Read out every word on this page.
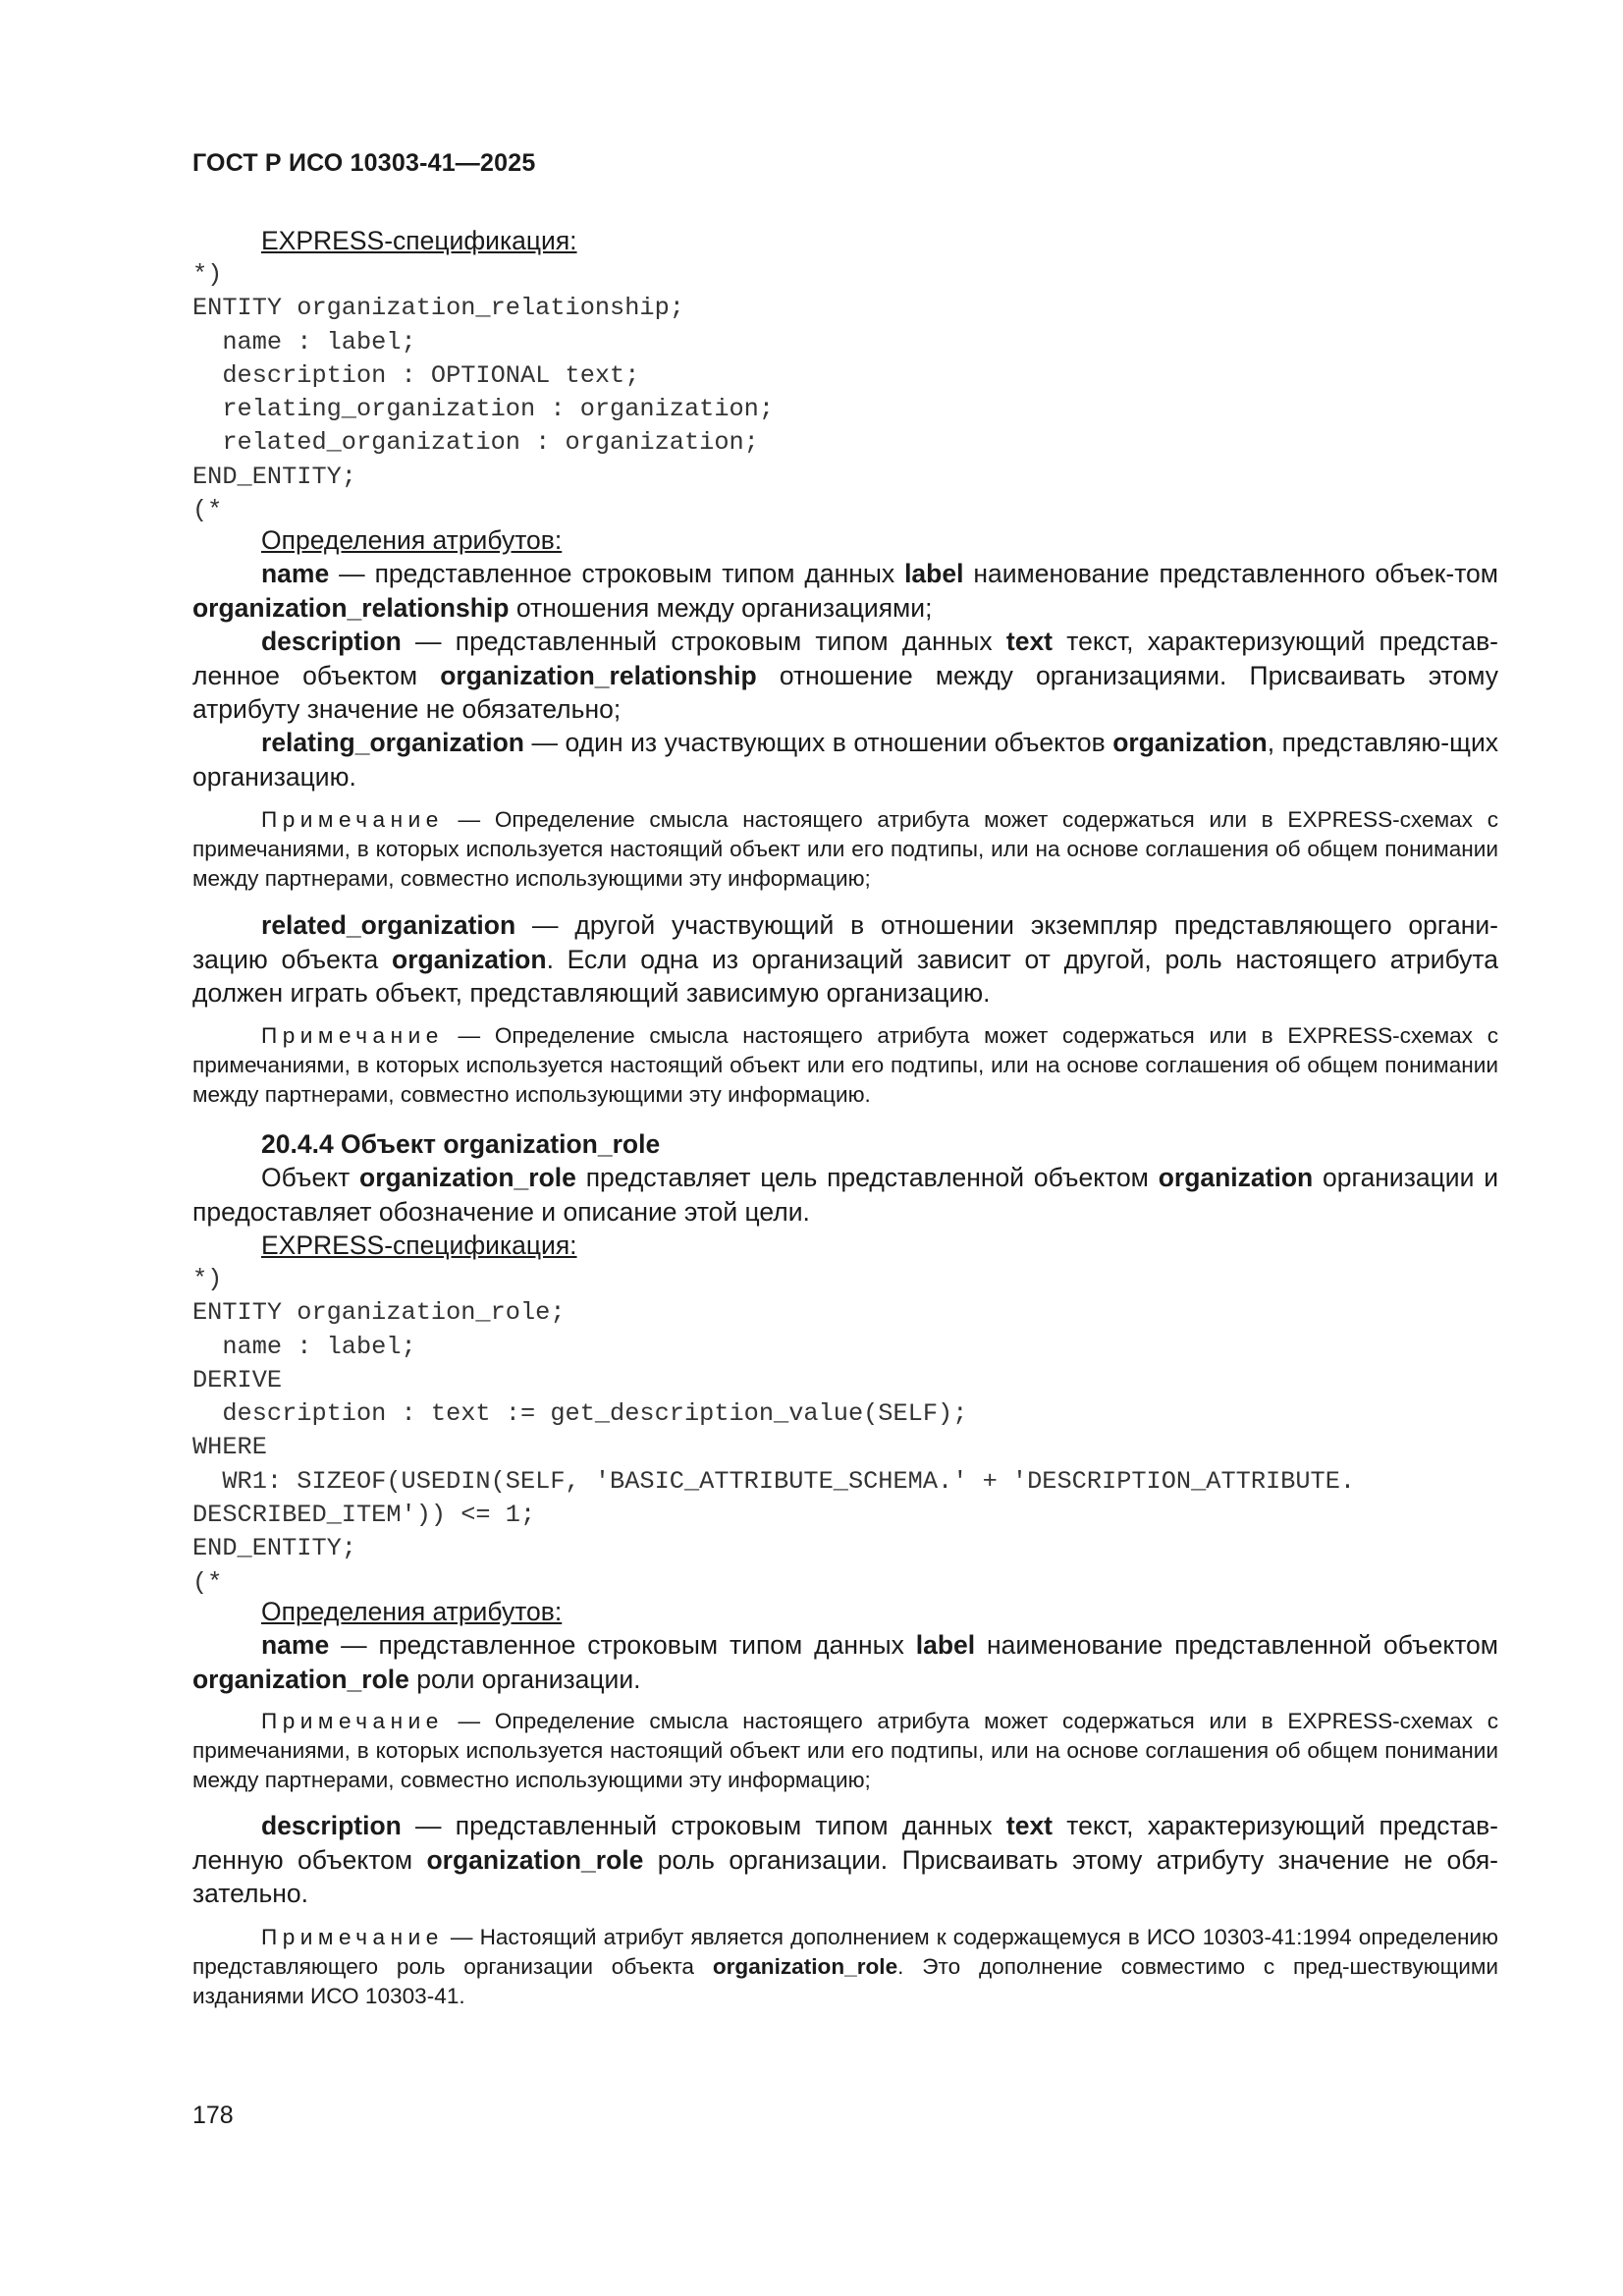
ГОСТ Р ИСО 10303-41—2025

EXPRESS-спецификация:

*)
ENTITY organization_relationship;
name : label;
description : OPTIONAL text;
relating_organization : organization;
related_organization : organization;
END_ENTITY;
(*

Определения атрибутов:

name — представленное строковым типом данных label наименование представленного объек-том organization_relationship отношения между организациями;

description — представленный строковым типом данных text текст, характеризующий представ-ленное объектом organization_relationship отношение между организациями. Присваивать этому атрибуту значение не обязательно;

relating_organization — один из участвующих в отношении объектов organization, представляю-щих организацию.

Примечание — Определение смысла настоящего атрибута может содержаться или в EXPRESS-схемах с примечаниями, в которых используется настоящий объект или его подтипы, или на основе соглашения об общем понимании между партнерами, совместно использующими эту информацию;

related_organization — другой участвующий в отношении экземпляр представляющего органи-зацию объекта organization. Если одна из организаций зависит от другой, роль настоящего атрибута должен играть объект, представляющий зависимую организацию.

Примечание — Определение смысла настоящего атрибута может содержаться или в EXPRESS-схемах с примечаниями, в которых используется настоящий объект или его подтипы, или на основе соглашения об общем понимании между партнерами, совместно использующими эту информацию.

20.4.4 Объект organization_role

Объект organization_role представляет цель представленной объектом organization организации и предоставляет обозначение и описание этой цели.

EXPRESS-спецификация:

*)
ENTITY organization_role;
name : label;
DERIVE
description : text := get_description_value(SELF);
WHERE
WR1: SIZEOF(USEDIN(SELF, 'BASIC_ATTRIBUTE_SCHEMA.' + 'DESCRIPTION_ATTRIBUTE.
DESCRIBED_ITEM')) <= 1;
END_ENTITY;
(*

Определения атрибутов:

name — представленное строковым типом данных label наименование представленной объектом organization_role роли организации.

Примечание — Определение смысла настоящего атрибута может содержаться или в EXPRESS-схемах с примечаниями, в которых используется настоящий объект или его подтипы, или на основе соглашения об общем понимании между партнерами, совместно использующими эту информацию;

description — представленный строковым типом данных text текст, характеризующий представ-ленную объектом organization_role роль организации. Присваивать этому атрибуту значение не обя-зательно.

Примечание — Настоящий атрибут является дополнением к содержащемуся в ИСО 10303-41:1994 определению представляющего роль организации объекта organization_role. Это дополнение совместимо с пред-шествующими изданиями ИСО 10303-41.

178
